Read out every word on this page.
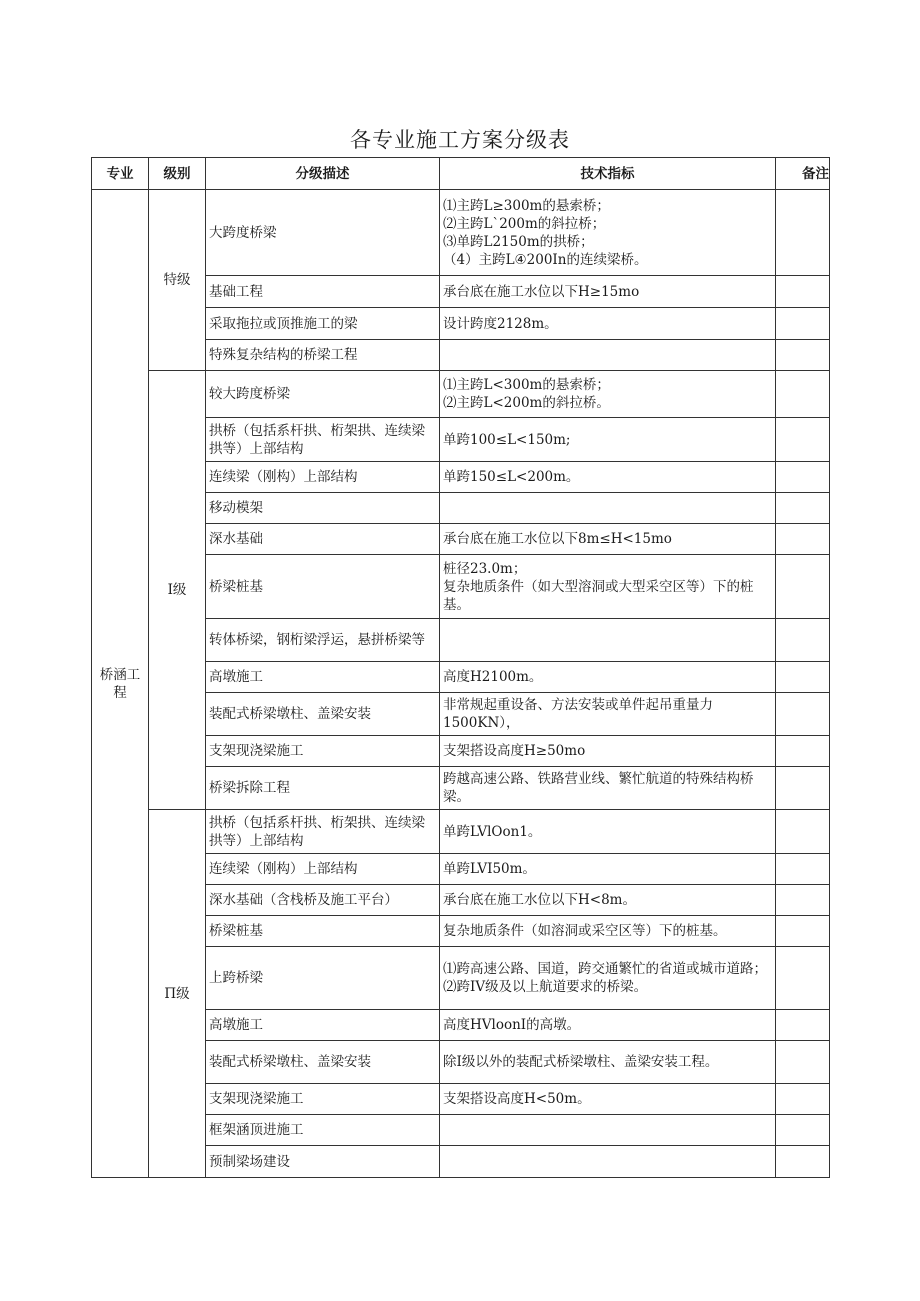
各专业施工方案分级表
专业	级别	分级描述	技术指标	备注
桥涵工程	特级	大跨度桥梁	⑴主跨L≥300m的悬索桥；
⑵主跨L`200m的斜拉桥；
⑶单跨L2150m的拱桥；
（4）主跨L④200In的连续梁桥。	

		基础工程	承台底在施工水位以下H≥15mo	

		采取拖拉或顶推施工的梁	设计跨度2128m。	

		特殊复杂结构的桥梁工程		
	I级	较大跨度桥梁	⑴主跨L<300m的悬索桥；
⑵主跨L<200m的斜拉桥。	

		拱桥（包括系杆拱、桁架拱、连续梁拱等）上部结构	单跨100≤L<150m;	

		连续梁（刚构）上部结构	单跨150≤L<200m。	

		移动模架		
		深水基础	承台底在施工水位以下8m≤H<15mo	

		桥梁桩基	桩径23.0m；
复杂地质条件（如大型溶洞或大型采空区等）下的桩基。	

		转体桥梁，钢桁梁浮运，悬拼桥梁等		
		高墩施工	高度H2100m。	

		装配式桥梁墩柱、盖梁安装	非常规起重设备、方法安装或单件起吊重量力1500KN），	

		支架现浇梁施工	支架搭设高度H≥50mo	

		桥梁拆除工程	跨越高速公路、铁路营业线、繁忙航道的特殊结构桥梁。	

	Π级	拱桥（包括系杆拱、桁架拱、连续梁拱等）上部结构	单跨LVlOon1。	

		连续梁（刚构）上部结构	单跨LVI50m。	

		深水基础（含栈桥及施工平台）	承台底在施工水位以下H<8m。	

		桥梁桩基	复杂地质条件（如溶洞或采空区等）下的桩基。	

		上跨桥梁	⑴跨高速公路、国道，跨交通繁忙的省道或城市道路；
⑵跨IV级及以上航道要求的桥梁。	

		高墩施工	高度HVloonI的高墩。	

		装配式桥梁墩柱、盖梁安装	除I级以外的装配式桥梁墩柱、盖梁安装工程。	

		支架现浇梁施工	支架搭设高度H<50m。	

		框架涵顶进施工		
		预制梁场建设		
